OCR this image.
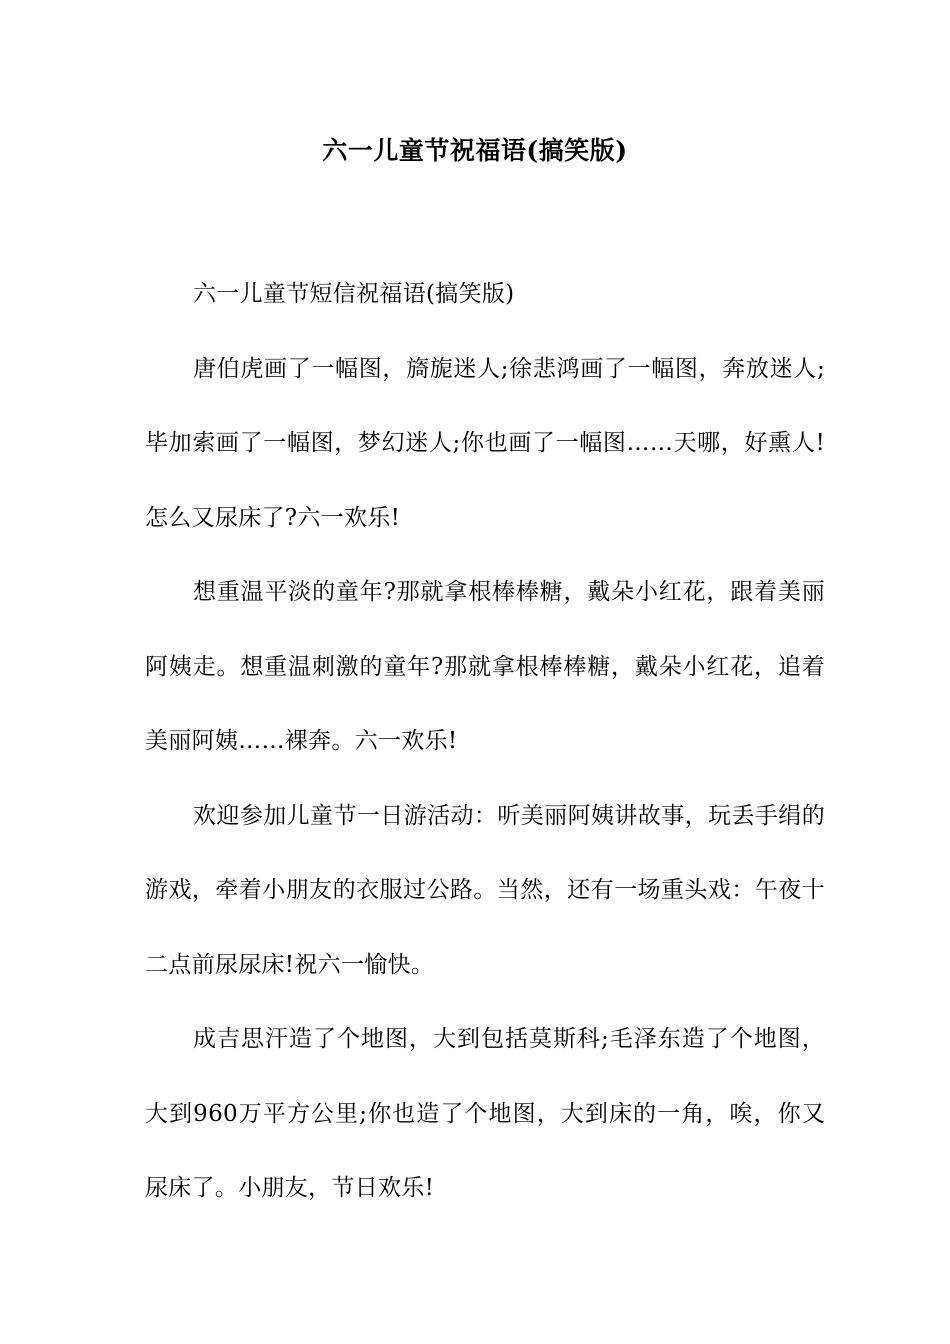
六一儿童节祝福语(搞笑版)

六一儿童节短信祝福语(搞笑版)

唐伯虎画了一幅图，旖旎迷人;徐悲鸿画了一幅图，奔放迷人;毕加索画了一幅图，梦幻迷人;你也画了一幅图……天哪，好熏人!怎么又尿床了?六一欢乐!

想重温平淡的童年?那就拿根棒棒糖，戴朵小红花，跟着美丽阿姨走。想重温刺激的童年?那就拿根棒棒糖，戴朵小红花，追着美丽阿姨……裸奔。六一欢乐!

欢迎参加儿童节一日游活动：听美丽阿姨讲故事，玩丢手绢的游戏，牵着小朋友的衣服过公路。当然，还有一场重头戏：午夜十二点前尿尿床!祝六一愉快。

成吉思汗造了个地图，大到包括莫斯科;毛泽东造了个地图，大到960万平方公里;你也造了个地图，大到床的一角，唉，你又尿床了。小朋友，节日欢乐!
